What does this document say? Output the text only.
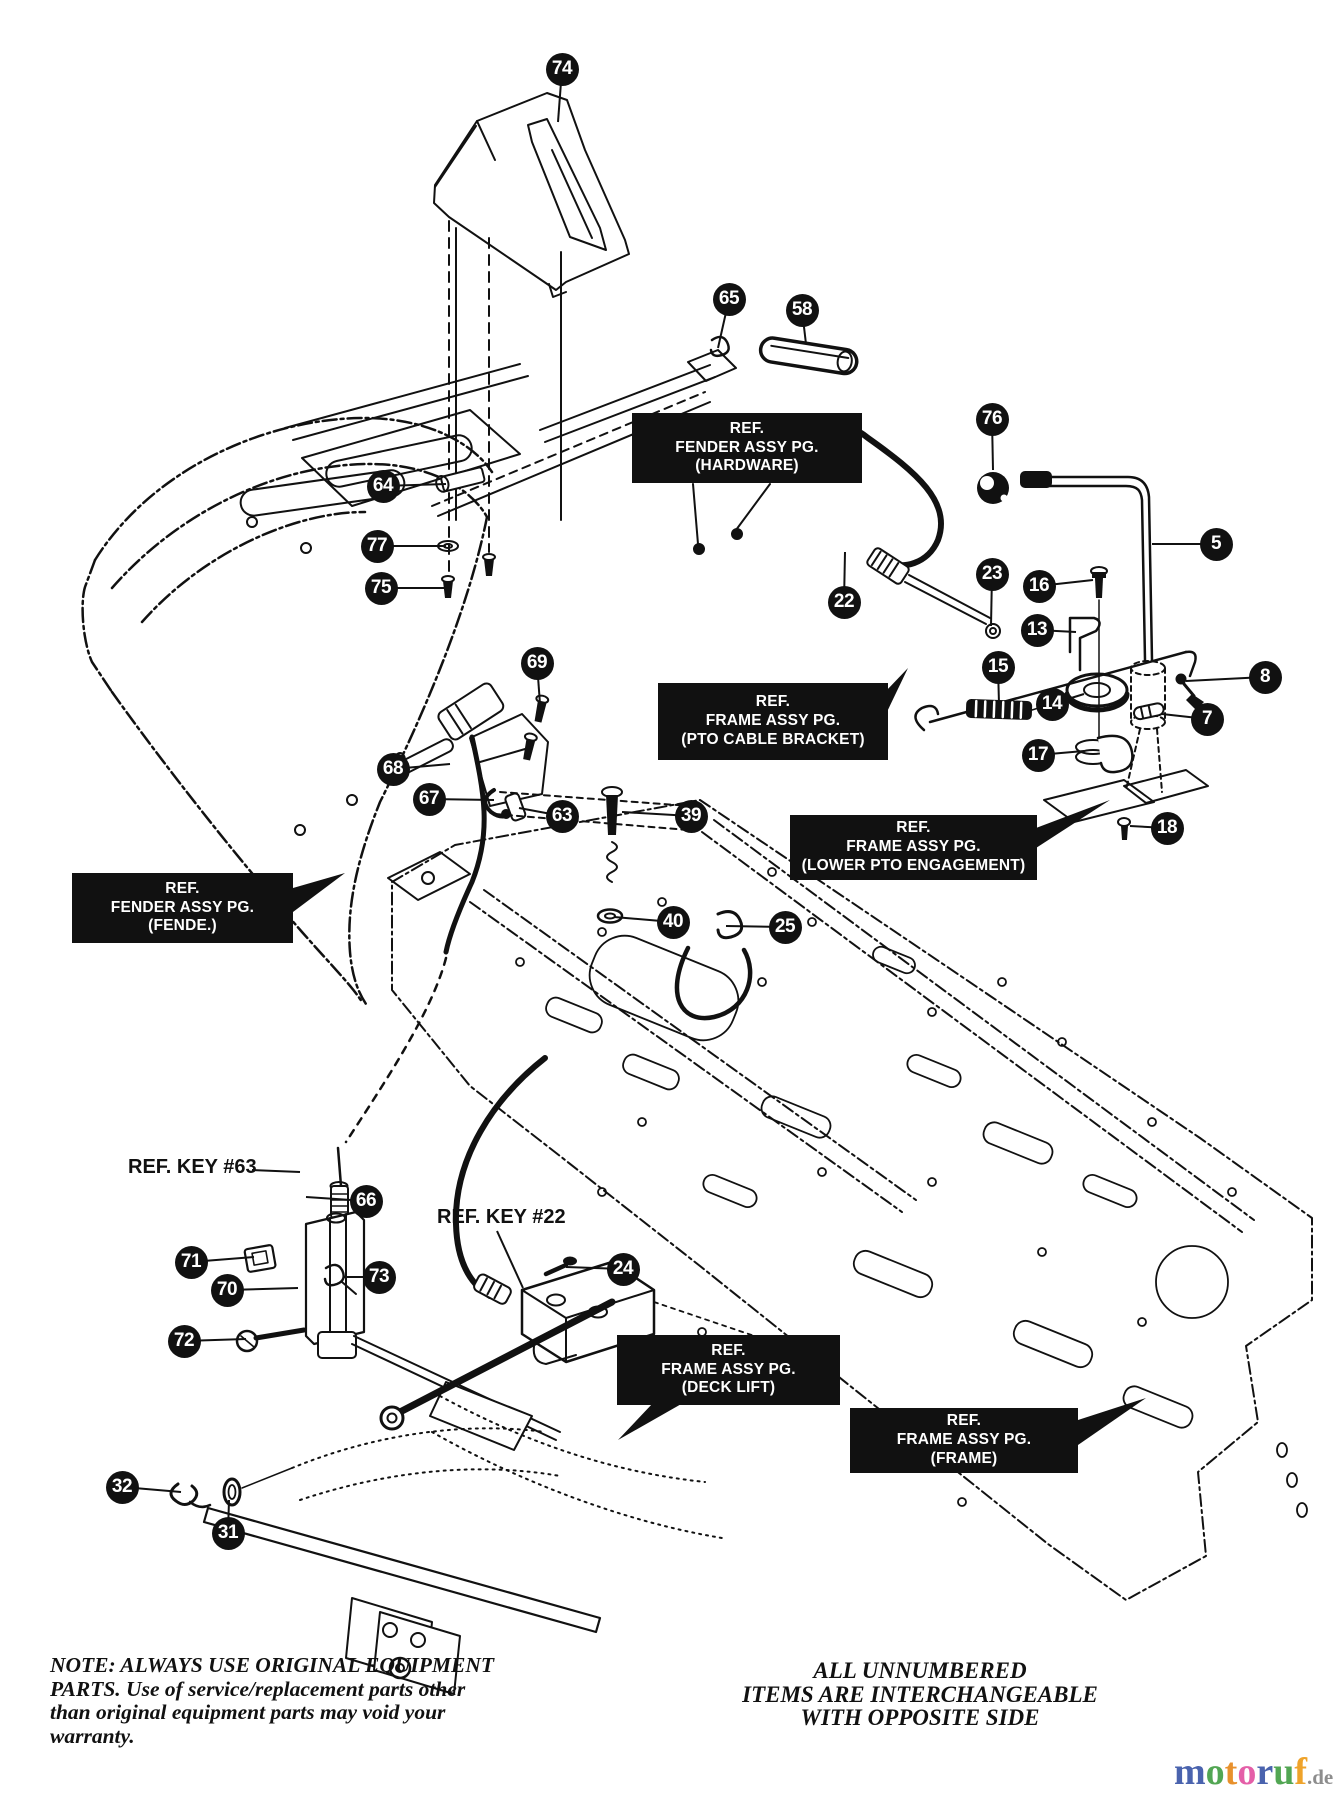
74
65
58
76
64
77
75
22
23
16
13
15
5
8
14
7
17
18
69
68
67
63	39
40	25
66
71
70
73
72
24
32
31
REF.
FENDER ASSY PG.
(HARDWARE)
REF.
FRAME ASSY PG.
(PTO CABLE BRACKET)
REF.
FRAME ASSY PG.
(LOWER PTO ENGAGEMENT)
REF.
FENDER ASSY PG.
(FENDE.)
REF.
FRAME ASSY PG.
(DECK LIFT)
REF.
FRAME ASSY PG.
(FRAME)
REF. KEY #63
REF. KEY #22
NOTE: ALWAYS USE ORIGINAL EQUIPMENT
PARTS. Use of service/replacement parts other
than original equipment parts may void your
warranty.
ALL UNNUMBERED
ITEMS ARE INTERCHANGEABLE
WITH OPPOSITE SIDE
motoruf.de
